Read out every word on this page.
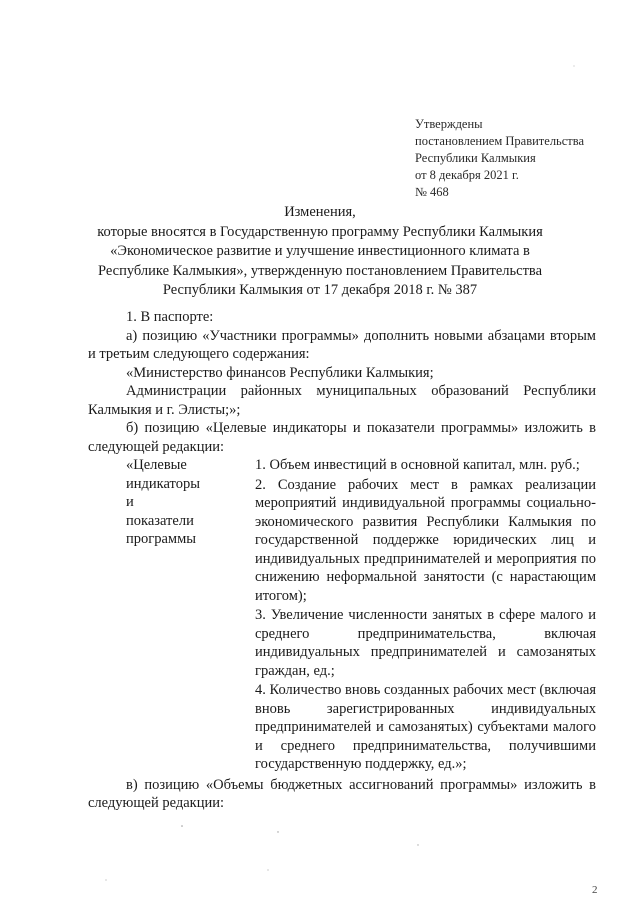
Утверждены
постановлением Правительства
Республики Калмыкия
от 8 декабря 2021 г.
№ 468
Изменения,
которые вносятся в Государственную программу Республики Калмыкия
«Экономическое развитие и улучшение инвестиционного климата в
Республике Калмыкия», утвержденную постановлением Правительства
Республики Калмыкия от 17 декабря 2018 г. № 387

1. В паспорте:

а) позицию «Участники программы» дополнить новыми абзацами вторым и третьим следующего содержания:

«Министерство финансов Республики Калмыкия;

Администрации районных муниципальных образований Республики Калмыкия и г. Элисты;»;

б) позицию «Целевые индикаторы и показатели программы» изложить в следующей редакции:

«Целевые
индикаторы
и
показатели
программы
1. Объем инвестиций в основной капитал, млн. руб.;
2. Создание рабочих мест в рамках реализации мероприятий индивидуальной программы социально-экономического развития Республики Калмыкия по государственной поддержке юридических лиц и индивидуальных предпринимателей и мероприятия по снижению неформальной занятости (с нарастающим итогом);
3. Увеличение численности занятых в сфере малого и среднего предпринимательства, включая индивидуальных предпринимателей и самозанятых граждан, ед.;
4. Количество вновь созданных рабочих мест (включая вновь зарегистрированных индивидуальных предпринимателей и самозанятых) субъектами малого и среднего предпринимательства, получившими государственную поддержку, ед.»;

в) позицию «Объемы бюджетных ассигнований программы» изложить в следующей редакции:

2
